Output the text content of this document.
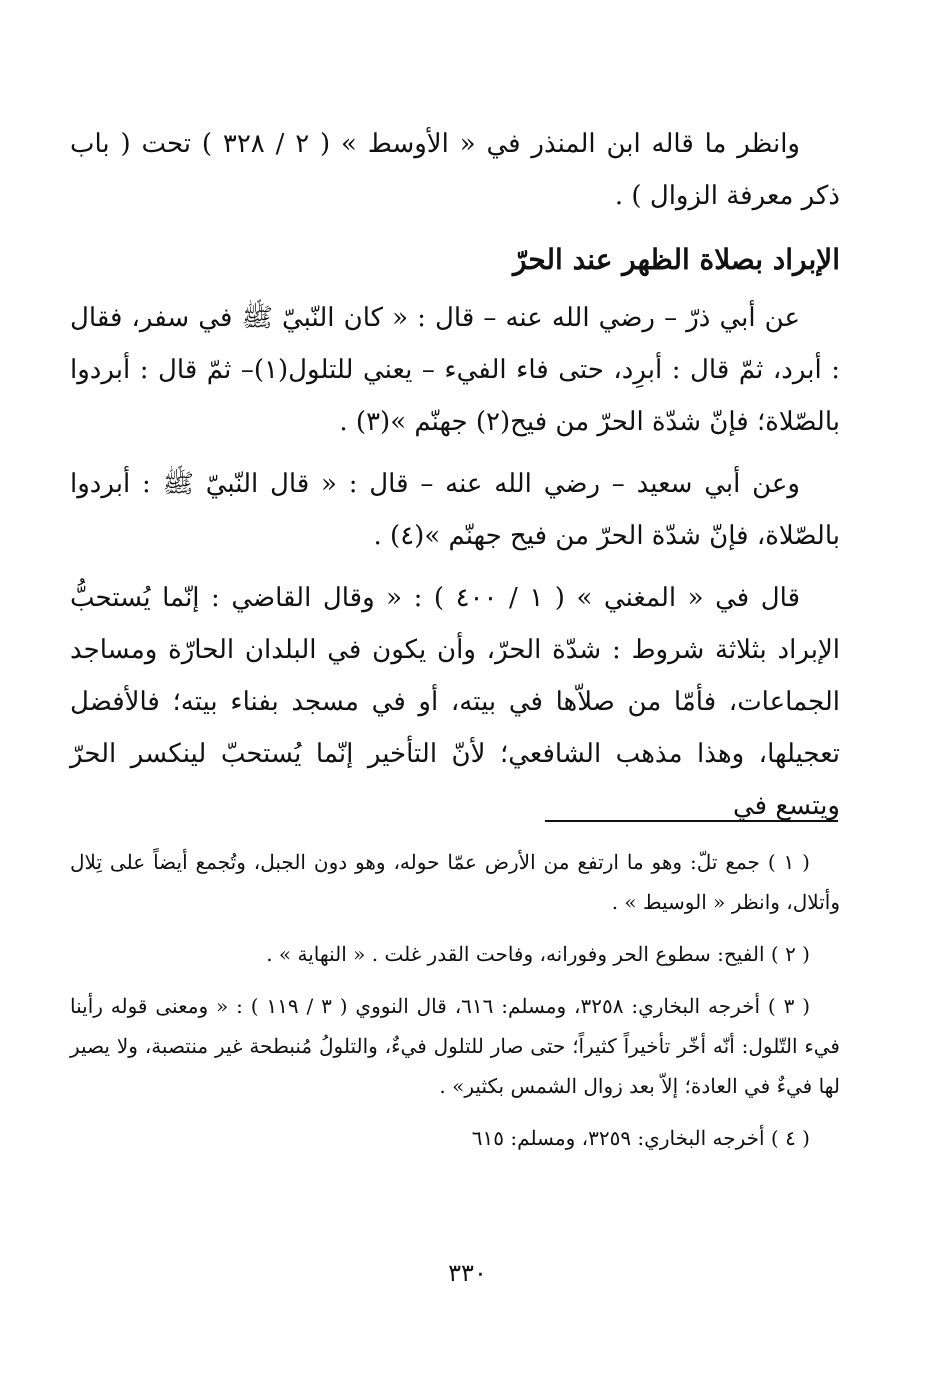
وانظر ما قاله ابن المنذر في « الأوسط » ( ٢ / ٣٢٨ ) تحت ( باب ذكر معرفة الزوال ) .

الإبراد بصلاة الظهر عند الحرّ

عن أبي ذرّ – رضي الله عنه – قال : « كان النّبيّ ﷺ في سفر، فقال : أبرد، ثمّ قال : أبرِد، حتى فاء الفيء – يعني للتلول(١)– ثمّ قال : أبردوا بالصّلاة؛ فإنّ شدّة الحرّ من فيح(٢) جهنّم »(٣) .

وعن أبي سعيد – رضي الله عنه – قال : « قال النّبيّ ﷺ : أبردوا بالصّلاة، فإنّ شدّة الحرّ من فيح جهنّم »(٤) .

قال في « المغني » ( ١ / ٤٠٠ ) : « وقال القاضي : إنّما يُستحبُّ الإبراد بثلاثة شروط : شدّة الحرّ، وأن يكون في البلدان الحارّة ومساجد الجماعات، فأمّا من صلاّها في بيته، أو في مسجد بفناء بيته؛ فالأفضل تعجيلها، وهذا مذهب الشافعي؛ لأنّ التأخير إنّما يُستحبّ لينكسر الحرّ ويتسع في

( ١ ) جمع تلّ: وهو ما ارتفع من الأرض عمّا حوله، وهو دون الجبل، وتُجمع أيضاً على تِلال وأتلال، وانظر « الوسيط » .

( ٢ ) الفيح: سطوع الحر وفورانه، وفاحت القدر غلت . « النهاية » .

( ٣ ) أخرجه البخاري: ٣٢٥٨، ومسلم: ٦١٦، قال النووي ( ٣ / ١١٩ ) : « ومعنى قوله رأينا فيء التّلول: أنّه أخّر تأخيراً كثيراً؛ حتى صار للتلول فيءٌ، والتلولُ مُنبطحة غير منتصبة، ولا يصير لها فيءٌ في العادة؛ إلاّ بعد زوال الشمس بكثير» .

( ٤ ) أخرجه البخاري: ٣٢٥٩، ومسلم: ٦١٥

٣٣٠
